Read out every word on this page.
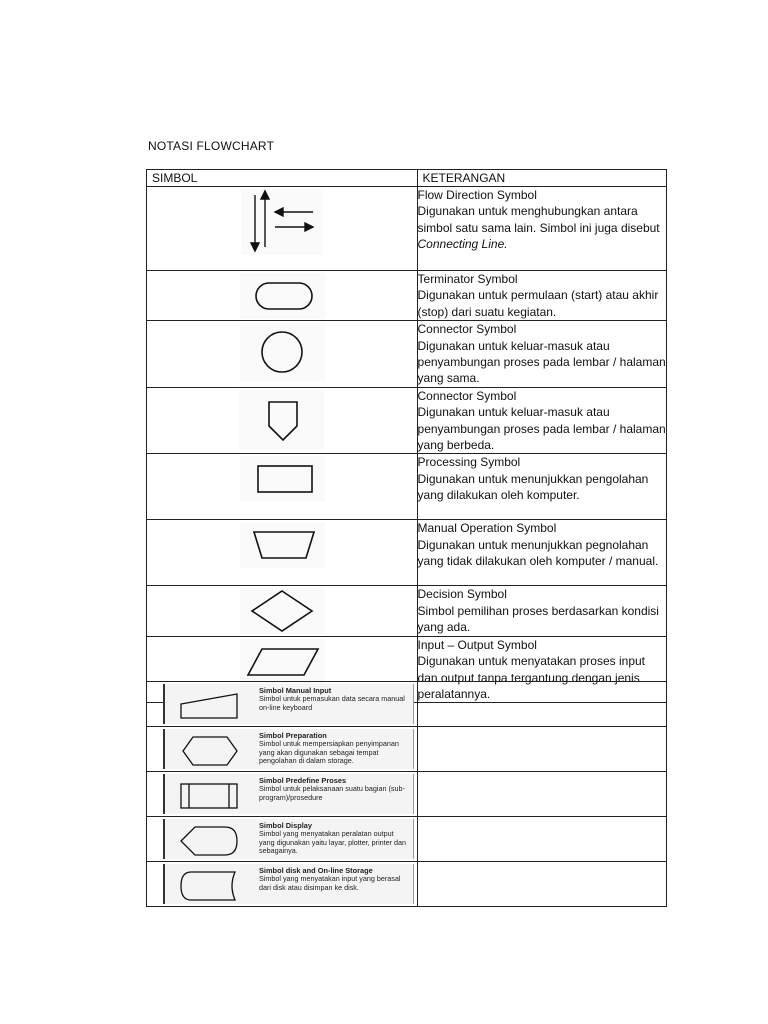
NOTASI FLOWCHART
SIMBOL	KETERANGAN

Flow Direction Symbol
Digunakan untuk menghubungkan antara simbol satu sama lain. Simbol ini juga disebut Connecting Line.

Terminator Symbol
Digunakan untuk permulaan (start) atau akhir (stop) dari suatu kegiatan.

Connector Symbol
Digunakan untuk keluar-masuk atau penyambungan proses pada lembar / halaman yang sama.

Connector Symbol
Digunakan untuk keluar-masuk atau penyambungan proses pada lembar / halaman yang berbeda.

Processing Symbol
Digunakan untuk menunjukkan pengolahan yang dilakukan oleh komputer.

Manual Operation Symbol
Digunakan untuk menunjukkan pegnolahan yang tidak dilakukan oleh komputer / manual.

Decision Symbol
Simbol pemilihan proses berdasarkan kondisi yang ada.

Input – Output Symbol
Digunakan untuk menyatakan proses input dan output tanpa tergantung dengan jenis peralatannya.
Simbol Manual Input
Simbol untuk pemasukan data secara manual on-line keyboard	

Simbol Preparation
Simbol untuk mempersiapkan penyimpanan yang akan digunakan sebagai tempat pengolahan di dalam storage.	

Simbol Predefine Proses
Simbol untuk pelaksanaan suatu bagian (sub-program)/prosedure	

Simbol Display
Simbol yang menyatakan peralatan output yang digunakan yaitu layar, plotter, printer dan sebagainya.	

Simbol disk and On-line Storage
Simbol yang menyatakan input yang berasal dari disk atau disimpan ke disk.	
